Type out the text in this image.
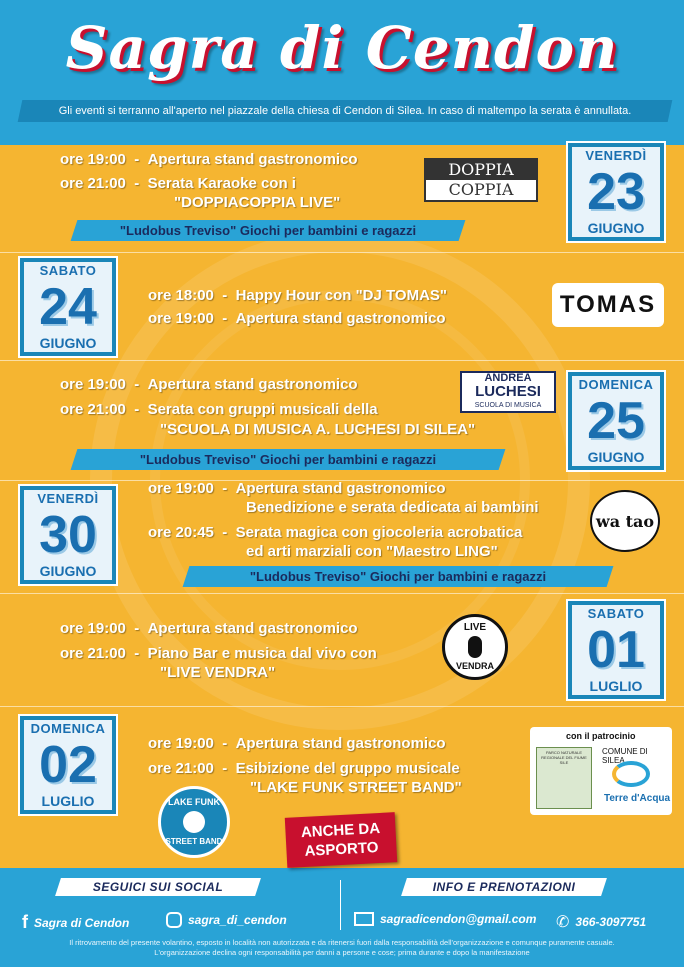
Sagra di Cendon
Gli eventi si terranno all'aperto nel piazzale della chiesa di Cendon di Silea. In caso di maltempo la serata è annullata.
VENERDÌ
23
GIUGNO
ore 19:00 - Apertura stand gastronomico
ore 21:00 - Serata Karaoke con i
"DOPPIACOPPIA LIVE"
DOPPIA
COPPIA
"Ludobus Treviso" Giochi per bambini e ragazzi
SABATO
24
GIUGNO
ore 18:00 - Happy Hour con "DJ TOMAS"
ore 19:00 - Apertura stand gastronomico
TOMAS
DOMENICA
25
GIUGNO
ore 19:00 - Apertura stand gastronomico
ore 21:00 - Serata con gruppi musicali della
"SCUOLA DI MUSICA A. LUCHESI DI SILEA"
ANDREA
LUCHESI
SCUOLA DI MUSICA
"Ludobus Treviso" Giochi per bambini e ragazzi
VENERDÌ
30
GIUGNO
ore 19:00 - Apertura stand gastronomico
Benedizione e serata dedicata ai bambini
ore 20:45 - Serata magica con giocoleria acrobatica
ed arti marziali con "Maestro LING"
wa tao
"Ludobus Treviso" Giochi per bambini e ragazzi
SABATO
01
LUGLIO
ore 19:00 - Apertura stand gastronomico
ore 21:00 - Piano Bar e musica dal vivo con
"LIVE VENDRA"
LIVE
VENDRA
DOMENICA
02
LUGLIO
ore 19:00 - Apertura stand gastronomico
ore 21:00 - Esibizione del gruppo musicale
"LAKE FUNK STREET BAND"
LAKE FUNK
STREET BAND
ANCHE DA
ASPORTO
con il patrocinio
PARCO NATURALE REGIONALE DEL FIUME SILE
COMUNE DI SILEA
Terre d'Acqua
SEGUICI SUI SOCIAL	INFO E PRENOTAZIONI
f Sagra di Cendon	sagra_di_cendon	sagradicendon@gmail.com ✆ 366-3097751
Il ritrovamento del presente volantino, esposto in località non autorizzata e da ritenersi fuori dalla responsabilità dell'organizzazione e comunque puramente casuale.
L'organizzazione declina ogni responsabilità per danni a persone e cose; prima durante e dopo la manifestazione
